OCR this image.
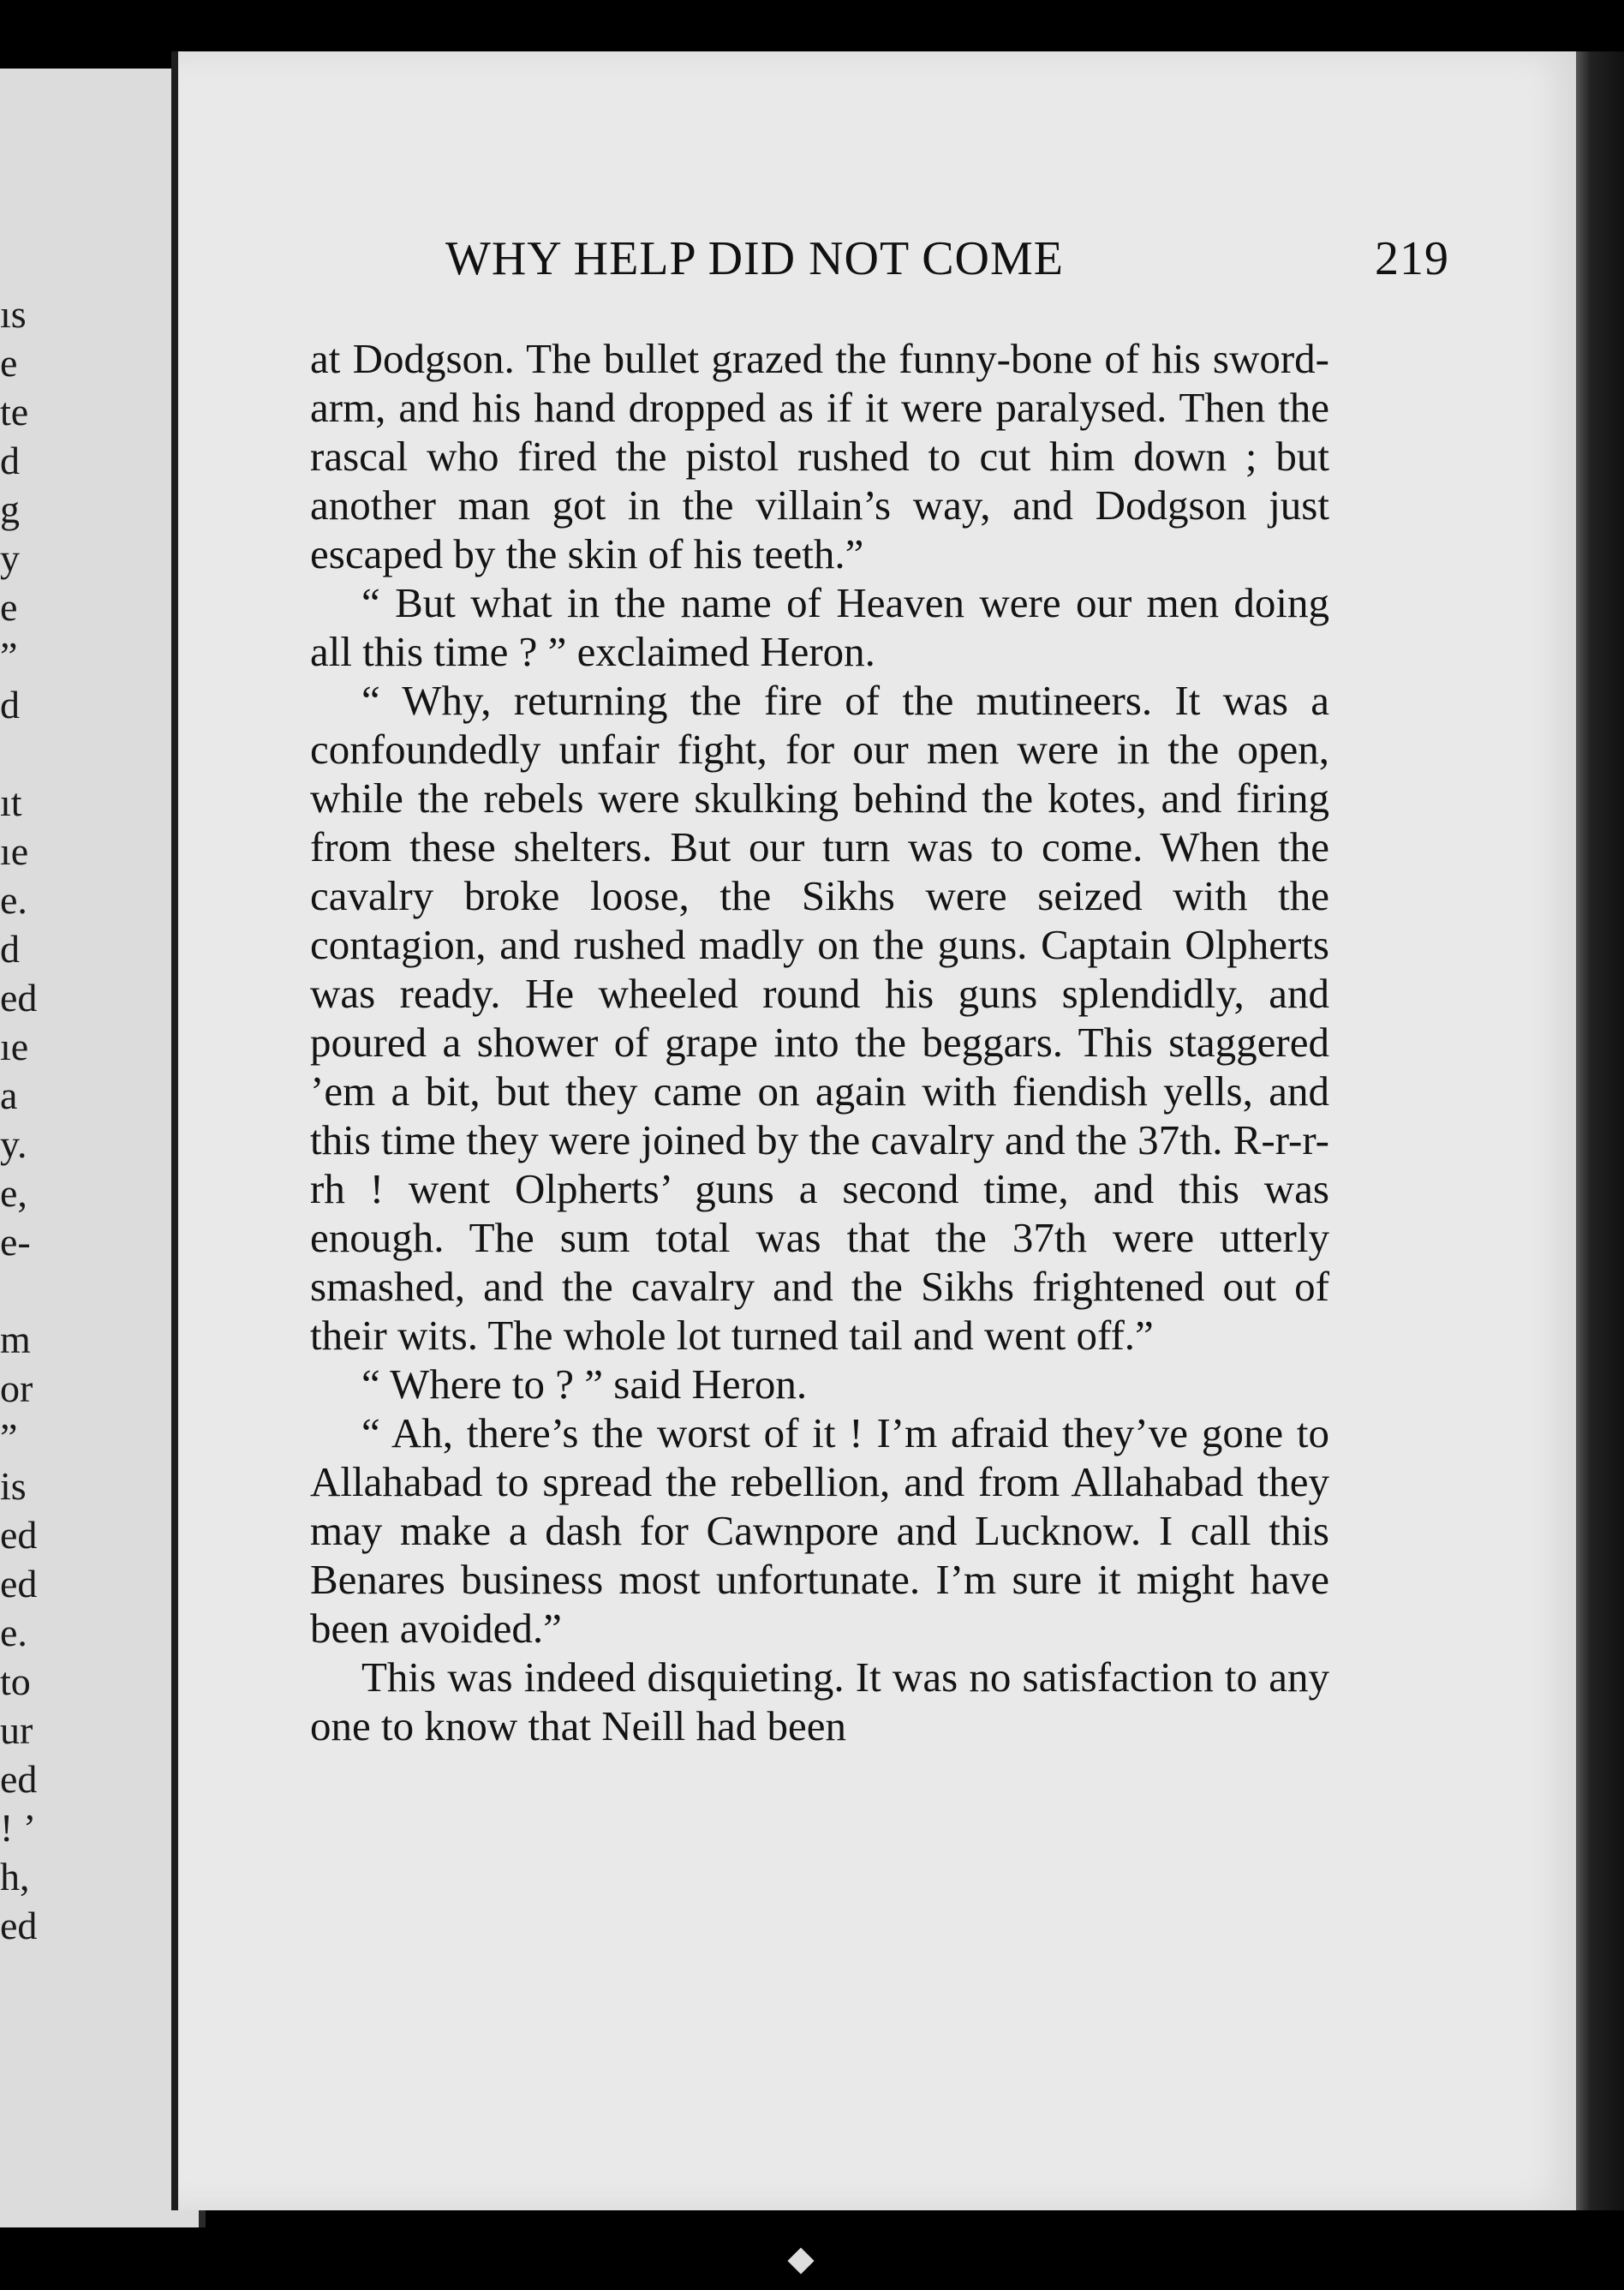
ıs
e
te
d
g
y
e
”
d
ıt
ıe
e.
d
ed
ıe
a
y.
e,
e-
m
or
”
is
ed
ed
e.
to
ur
ed
! ’
h,
ed
WHY HELP DID NOT COME	219

at Dodgson. The bullet grazed the funny-bone of his sword-arm, and his hand dropped as if it were paralysed. Then the rascal who fired the pistol rushed to cut him down ; but another man got in the villain’s way, and Dodgson just escaped by the skin of his teeth.”

“ But what in the name of Heaven were our men doing all this time ? ” exclaimed Heron.

“ Why, returning the fire of the mutineers. It was a confoundedly unfair fight, for our men were in the open, while the rebels were skulking behind the kotes, and firing from these shelters. But our turn was to come. When the cavalry broke loose, the Sikhs were seized with the contagion, and rushed madly on the guns. Captain Olpherts was ready. He wheeled round his guns splendidly, and poured a shower of grape into the beggars. This staggered ’em a bit, but they came on again with fiendish yells, and this time they were joined by the cavalry and the 37th. R-r-r-rh ! went Olpherts’ guns a second time, and this was enough. The sum total was that the 37th were utterly smashed, and the cavalry and the Sikhs frightened out of their wits. The whole lot turned tail and went off.”

“ Where to ? ” said Heron.

“ Ah, there’s the worst of it ! I’m afraid they’ve gone to Allahabad to spread the rebellion, and from Allahabad they may make a dash for Cawnpore and Lucknow. I call this Benares business most unfortunate. I’m sure it might have been avoided.”

This was indeed disquieting. It was no satisfaction to any one to know that Neill had been
